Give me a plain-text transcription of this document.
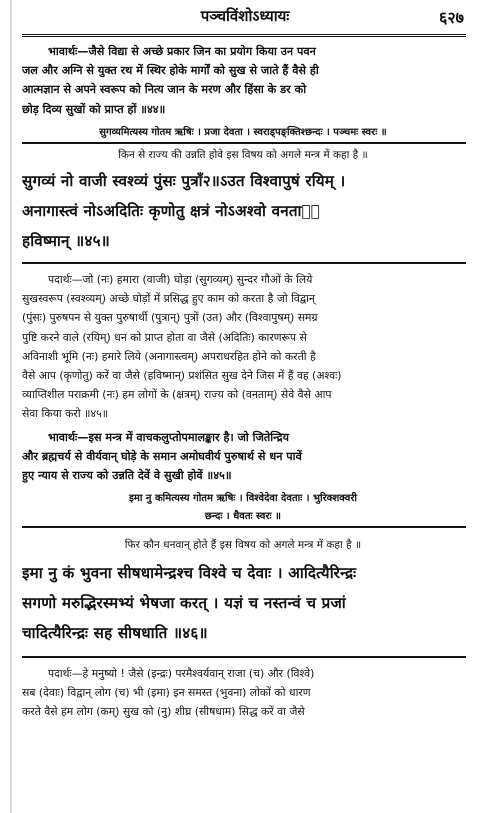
पञ्चविंशोऽध्यायः	६२७
भावार्थः—जैसे विद्या से अच्छे प्रकार जिन का प्रयोग किया उन पवन
जल और अग्नि से युक्त रथ में स्थिर होके मार्गों को सुख से जाते हैं वैसे ही
आत्मज्ञान से अपने स्वरूप को नित्य जान के मरण और हिंसा के डर को
छोड़ दिव्य सुखों को प्राप्त हों ॥४४॥
सुगव्यमित्यस्य गोतम ऋषिः । प्रजा देवता । स्वराड्पङ्क्तिश्छन्दः । पञ्चमः स्वरः ॥
किन से राज्य की उन्नति होवे इस विषय को अगले मन्त्र में कहा है ॥
सुगव्यं नो वाजी स्वश्व्यं पुंसः पुत्राँ२॥ऽउत विश्वापुषं रयिम् ।
अनागास्त्वं नोऽअदितिः कृणोतु क्षत्रं नोऽअश्वो वनताᳪं
हविष्मान् ॥४५॥
पदार्थः—जो (नः) हमारा (वाजी) घोड़ा (सुगव्यम्) सुन्दर गौओं के लिये
सुखस्वरूप (स्वश्व्यम्) अच्छे घोड़ों में प्रसिद्ध हुए काम को करता है जो विद्वान्
(पुंसः) पुरुषपन से युक्त पुरुषार्थी (पुत्रान्) पुत्रों (उत) और (विश्वापुषम्) समग्र
पुष्टि करने वाले (रयिम्) धन को प्राप्त होता वा जैसे (अदितिः) कारणरूप से
अविनाशी भूमि (नः) हमारे लिये (अनागास्त्वम्) अपराधरहित होने को करती है
वैसे आप (कृणोतु) करें वा जैसे (हविष्मान्) प्रशंसित सुख देने जिस में हैं वह (अश्वः)
व्याप्तिशील पराक्रमी (नः) हम लोगों के (क्षत्रम्) राज्य को (वनताम्) सेवे वैसे आप
सेवा किया करो ॥४५॥
भावार्थः—इस मन्त्र में वाचकलुप्तोपमालङ्कार है। जो जितेन्द्रिय
और ब्रह्मचर्य से वीर्यवान् घोड़े के समान अमोघवीर्य पुरुषार्थ से धन पावें
हुए न्याय से राज्य को उन्नति देवें वे सुखी होवें ॥४५॥
इमा नु कमित्यस्य गोतम ऋषिः । विश्वेदेवा देवताः । भुरिक्शक्वरी
छन्दः । धैवतः स्वरः ॥
फिर कौन धनवान् होते हैं इस विषय को अगले मन्त्र में कहा है ॥
इमा नु कं भुवना सीषधामेन्द्रश्च विश्वे च देवाः । आदित्यैरिन्द्रः
सगणो मरुद्भिरस्मभ्यं भेषजा करत् । यज्ञं च नस्तन्वं च प्रजां
चादित्यैरिन्द्रः सह सीषधाति ॥४६॥
पदार्थः—हे मनुष्यो ! जैसे (इन्द्रः) परमैश्वर्यवान् राजा (च) और (विश्वे)
सब (देवाः) विद्वान् लोग (च) भी (इमा) इन समस्त (भुवना) लोकों को धारण
करते वैसे हम लोग (कम्) सुख को (नु) शीघ्र (सीषधाम) सिद्ध करें वा जैसे
